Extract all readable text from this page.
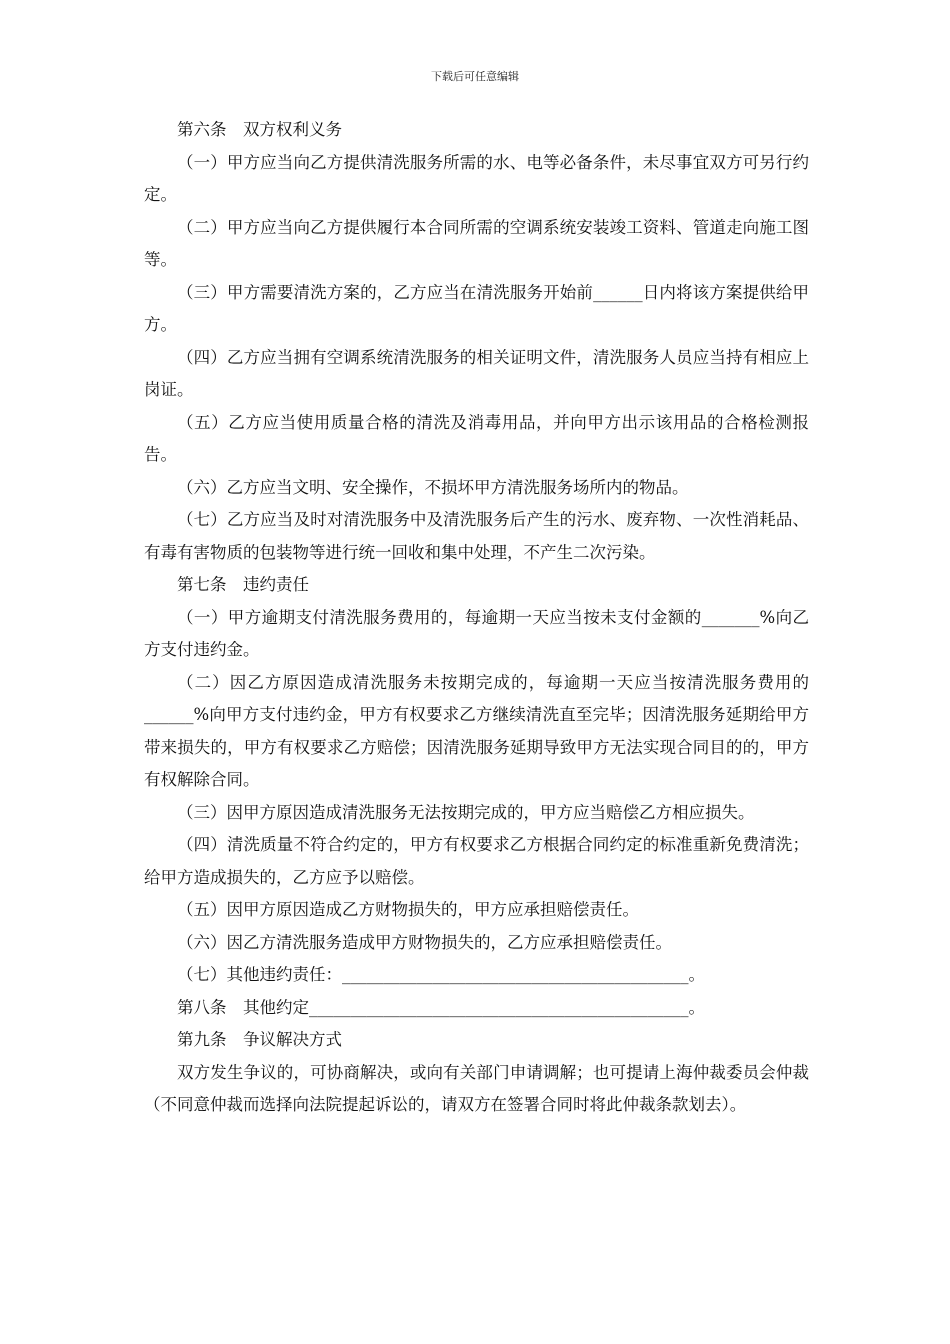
下载后可任意编辑

第六条　双方权利义务

（一）甲方应当向乙方提供清洗服务所需的水、电等必备条件，未尽事宜双方可另行约定。

（二）甲方应当向乙方提供履行本合同所需的空调系统安装竣工资料、管道走向施工图等。

（三）甲方需要清洗方案的，乙方应当在清洗服务开始前______日内将该方案提供给甲方。

（四）乙方应当拥有空调系统清洗服务的相关证明文件，清洗服务人员应当持有相应上岗证。

（五）乙方应当使用质量合格的清洗及消毒用品，并向甲方出示该用品的合格检测报告。

（六）乙方应当文明、安全操作，不损坏甲方清洗服务场所内的物品。

（七）乙方应当及时对清洗服务中及清洗服务后产生的污水、废弃物、一次性消耗品、有毒有害物质的包装物等进行统一回收和集中处理，不产生二次污染。

第七条　违约责任

（一）甲方逾期支付清洗服务费用的，每逾期一天应当按未支付金额的_______%向乙方支付违约金。

（二）因乙方原因造成清洗服务未按期完成的，每逾期一天应当按清洗服务费用的______%向甲方支付违约金，甲方有权要求乙方继续清洗直至完毕；因清洗服务延期给甲方带来损失的，甲方有权要求乙方赔偿；因清洗服务延期导致甲方无法实现合同目的的，甲方有权解除合同。

（三）因甲方原因造成清洗服务无法按期完成的，甲方应当赔偿乙方相应损失。

（四）清洗质量不符合约定的，甲方有权要求乙方根据合同约定的标准重新免费清洗；给甲方造成损失的，乙方应予以赔偿。

（五）因甲方原因造成乙方财物损失的，甲方应承担赔偿责任。

（六）因乙方清洗服务造成甲方财物损失的，乙方应承担赔偿责任。

（七）其他违约责任：__________________________________________。

第八条　其他约定______________________________________________。

第九条　争议解决方式

双方发生争议的，可协商解决，或向有关部门申请调解；也可提请上海仲裁委员会仲裁（不同意仲裁而选择向法院提起诉讼的，请双方在签署合同时将此仲裁条款划去）。
